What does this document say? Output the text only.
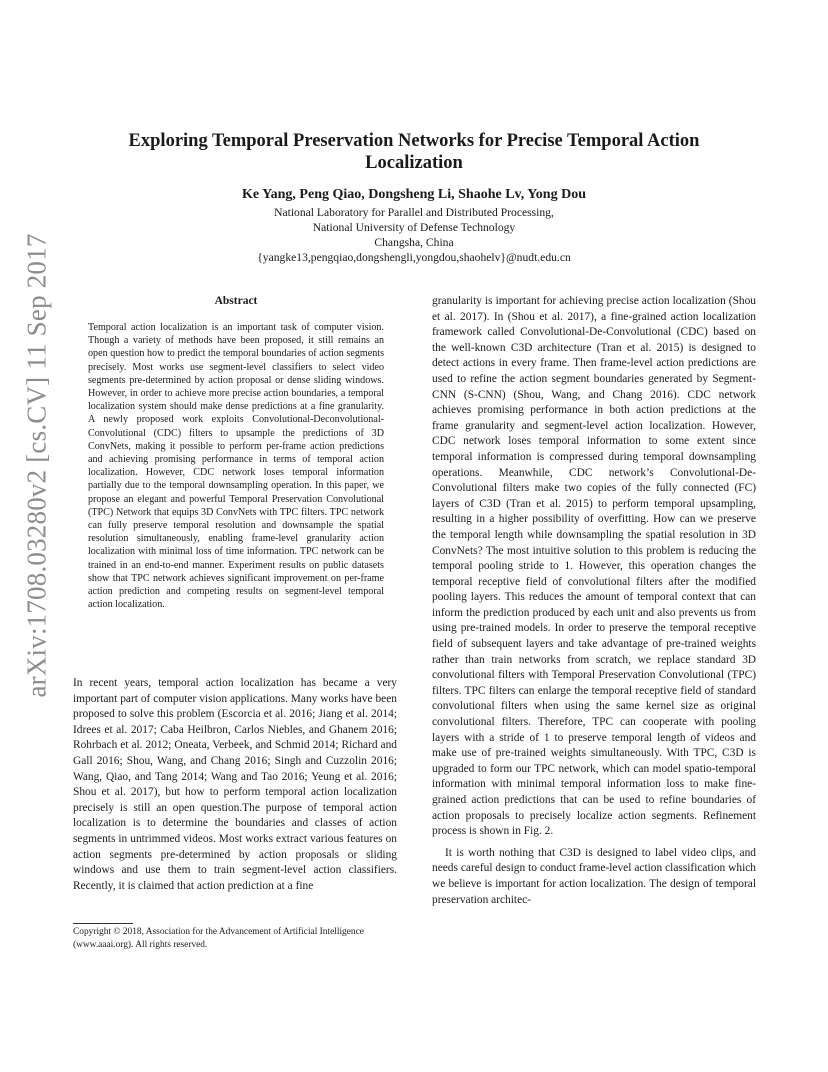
arXiv:1708.03280v2 [cs.CV] 11 Sep 2017
Exploring Temporal Preservation Networks for Precise Temporal Action Localization
Ke Yang, Peng Qiao, Dongsheng Li, Shaohe Lv, Yong Dou
National Laboratory for Parallel and Distributed Processing,
National University of Defense Technology
Changsha, China
{yangke13,pengqiao,dongshengli,yongdou,shaohelv}@nudt.edu.cn
Abstract
Temporal action localization is an important task of computer vision. Though a variety of methods have been proposed, it still remains an open question how to predict the temporal boundaries of action segments precisely. Most works use segment-level classifiers to select video segments pre-determined by action proposal or dense sliding windows. However, in order to achieve more precise action boundaries, a temporal localization system should make dense predictions at a fine granularity. A newly proposed work exploits Convolutional-Deconvolutional-Convolutional (CDC) filters to upsample the predictions of 3D ConvNets, making it possible to perform per-frame action predictions and achieving promising performance in terms of temporal action localization. However, CDC network loses temporal information partially due to the temporal downsampling operation. In this paper, we propose an elegant and powerful Temporal Preservation Convolutional (TPC) Network that equips 3D ConvNets with TPC filters. TPC network can fully preserve temporal resolution and downsample the spatial resolution simultaneously, enabling frame-level granularity action localization with minimal loss of time information. TPC network can be trained in an end-to-end manner. Experiment results on public datasets show that TPC network achieves significant improvement on per-frame action prediction and competing results on segment-level temporal action localization.

In recent years, temporal action localization has became a very important part of computer vision applications. Many works have been proposed to solve this problem (Escorcia et al. 2016; Jiang et al. 2014; Idrees et al. 2017; Caba Heilbron, Carlos Niebles, and Ghanem 2016; Rohrbach et al. 2012; Oneata, Verbeek, and Schmid 2014; Richard and Gall 2016; Shou, Wang, and Chang 2016; Singh and Cuzzolin 2016; Wang, Qiao, and Tang 2014; Wang and Tao 2016; Yeung et al. 2016; Shou et al. 2017), but how to perform temporal action localization precisely is still an open question.The purpose of temporal action localization is to determine the boundaries and classes of action segments in untrimmed videos. Most works extract various features on action segments pre-determined by action proposals or sliding windows and use them to train segment-level action classifiers. Recently, it is claimed that action prediction at a fine

granularity is important for achieving precise action localization (Shou et al. 2017). In (Shou et al. 2017), a fine-grained action localization framework called Convolutional-De-Convolutional (CDC) based on the well-known C3D architecture (Tran et al. 2015) is designed to detect actions in every frame. Then frame-level action predictions are used to refine the action segment boundaries generated by Segment-CNN (S-CNN) (Shou, Wang, and Chang 2016). CDC network achieves promising performance in both action predictions at the frame granularity and segment-level action localization. However, CDC network loses temporal information to some extent since temporal information is compressed during temporal downsampling operations. Meanwhile, CDC network’s Convolutional-De-Convolutional filters make two copies of the fully connected (FC) layers of C3D (Tran et al. 2015) to perform temporal upsampling, resulting in a higher possibility of overfitting. How can we preserve the temporal length while downsampling the spatial resolution in 3D ConvNets? The most intuitive solution to this problem is reducing the temporal pooling stride to 1. However, this operation changes the temporal receptive field of convolutional filters after the modified pooling layers. This reduces the amount of temporal context that can inform the prediction produced by each unit and also prevents us from using pre-trained models. In order to preserve the temporal receptive field of subsequent layers and take advantage of pre-trained weights rather than train networks from scratch, we replace standard 3D convolutional filters with Temporal Preservation Convolutional (TPC) filters. TPC filters can enlarge the temporal receptive field of standard convolutional filters when using the same kernel size as original convolutional filters. Therefore, TPC can cooperate with pooling layers with a stride of 1 to preserve temporal length of videos and make use of pre-trained weights simultaneously. With TPC, C3D is upgraded to form our TPC network, which can model spatio-temporal information with minimal temporal information loss to make fine-grained action predictions that can be used to refine boundaries of action proposals to precisely localize action segments. Refinement process is shown in Fig. 2.

It is worth nothing that C3D is designed to label video clips, and needs careful design to conduct frame-level action classification which we believe is important for action localization. The design of temporal preservation architec-

Copyright © 2018, Association for the Advancement of Artificial Intelligence (www.aaai.org). All rights reserved.
